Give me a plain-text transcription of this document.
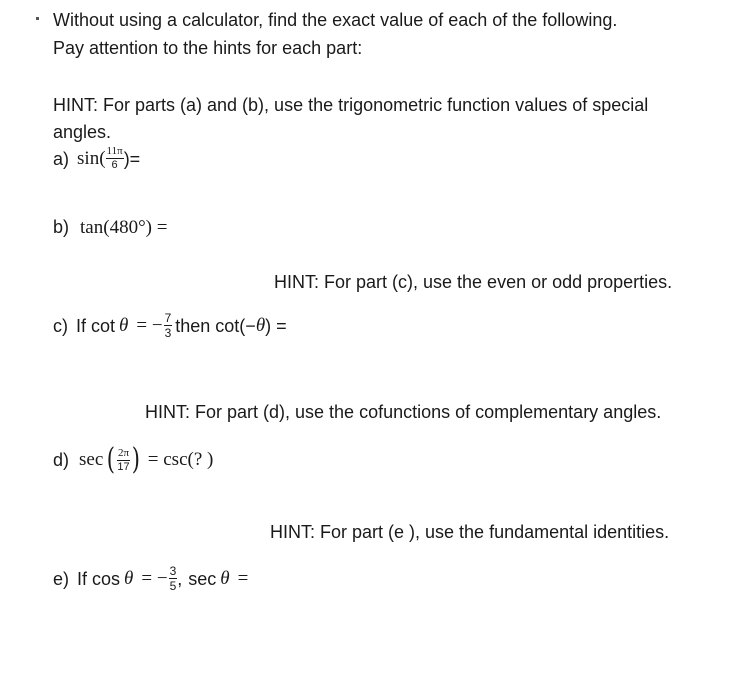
Without using a calculator, find the exact value of each of the following.
Pay attention to the hints for each part:
HINT: For parts (a) and (b), use the trigonometric function values of special
angles.
a) sin ( $\frac{11\pi}{6}$ )=
b) tan(480°) =
HINT: For part (c), use the even or odd properties.
c) If cot θ = − $\frac{7}{3}$ then cot(− θ ) =
HINT: For part (d), use the cofunctions of complementary angles.
d) sec ( $\frac{2\pi}{17}$ ) = csc(? )
HINT: For part (e ), use the fundamental identities.
e) If cos θ = − $\frac{3}{5}$ , sec θ =
